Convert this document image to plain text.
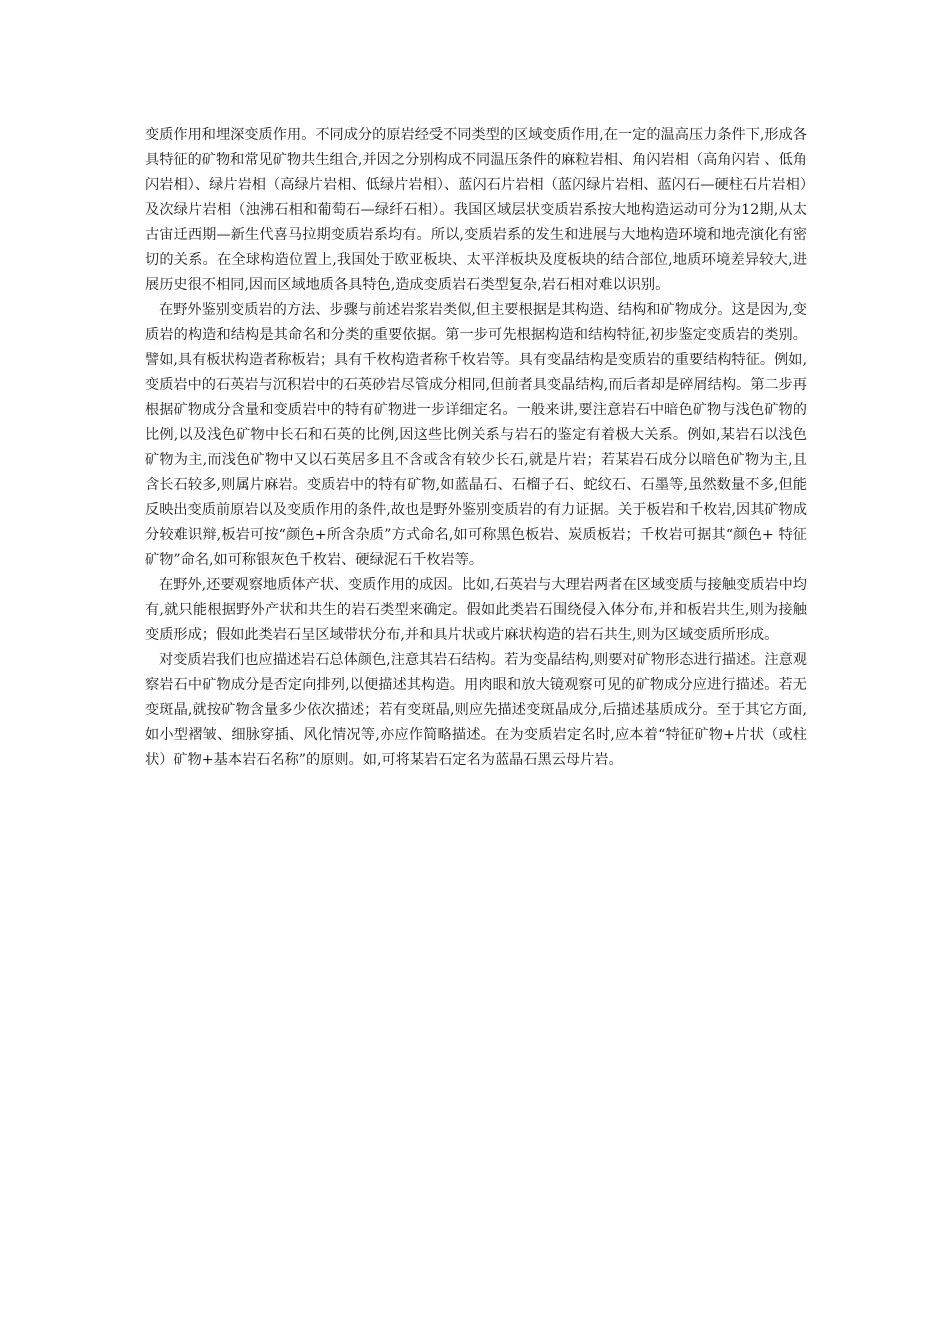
变质作用和埋深变质作用。不同成分的原岩经受不同类型的区域变质作用,在一定的温高压力条件下,形成各具特征的矿物和常见矿物共生组合,并因之分别构成不同温压条件的麻粒岩相、角闪岩相（高角闪岩 、低角闪岩相）、绿片岩相（高绿片岩相、低绿片岩相）、蓝闪石片岩相（蓝闪绿片岩相、蓝闪石—硬柱石片岩相）及次绿片岩相（浊沸石相和葡萄石—绿纤石相）。我国区域层状变质岩系按大地构造运动可分为12期,从太古宙迁西期—新生代喜马拉期变质岩系均有。所以,变质岩系的发生和进展与大地构造环境和地壳演化有密切的关系。在全球构造位置上,我国处于欧亚板块、太平洋板块及度板块的结合部位,地质环境差异较大,进展历史很不相同,因而区域地质各具特色,造成变质岩石类型复杂,岩石相对难以识别。

在野外鉴别变质岩的方法、步骤与前述岩浆岩类似,但主要根据是其构造、结构和矿物成分。这是因为,变质岩的构造和结构是其命名和分类的重要依据。第一步可先根据构造和结构特征,初步鉴定变质岩的类别。譬如,具有板状构造者称板岩；具有千枚构造者称千枚岩等。具有变晶结构是变质岩的重要结构特征。例如,变质岩中的石英岩与沉积岩中的石英砂岩尽管成分相同,但前者具变晶结构,而后者却是碎屑结构。第二步再根据矿物成分含量和变质岩中的特有矿物进一步详细定名。一般来讲,要注意岩石中暗色矿物与浅色矿物的比例,以及浅色矿物中长石和石英的比例,因这些比例关系与岩石的鉴定有着极大关系。例如,某岩石以浅色矿物为主,而浅色矿物中又以石英居多且不含或含有较少长石,就是片岩；若某岩石成分以暗色矿物为主,且含长石较多,则属片麻岩。变质岩中的特有矿物,如蓝晶石、石榴子石、蛇纹石、石墨等,虽然数量不多,但能反映出变质前原岩以及变质作用的条件,故也是野外鉴别变质岩的有力证据。关于板岩和千枚岩,因其矿物成分较难识辩,板岩可按“颜色+所含杂质”方式命名,如可称黑色板岩、炭质板岩；千枚岩可据其“颜色+ 特征矿物”命名,如可称银灰色千枚岩、硬绿泥石千枚岩等。

在野外,还要观察地质体产状、变质作用的成因。比如,石英岩与大理岩两者在区域变质与接触变质岩中均有,就只能根据野外产状和共生的岩石类型来确定。假如此类岩石围绕侵入体分布,并和板岩共生,则为接触变质形成；假如此类岩石呈区域带状分布,并和具片状或片麻状构造的岩石共生,则为区域变质所形成。

对变质岩我们也应描述岩石总体颜色,注意其岩石结构。若为变晶结构,则要对矿物形态进行描述。注意观察岩石中矿物成分是否定向排列,以便描述其构造。用肉眼和放大镜观察可见的矿物成分应进行描述。若无变斑晶,就按矿物含量多少依次描述；若有变斑晶,则应先描述变斑晶成分,后描述基质成分。至于其它方面,如小型褶皱、细脉穿插、风化情况等,亦应作简略描述。在为变质岩定名时,应本着“特征矿物+片状（或柱状）矿物+基本岩石名称”的原则。如,可将某岩石定名为蓝晶石黑云母片岩。
